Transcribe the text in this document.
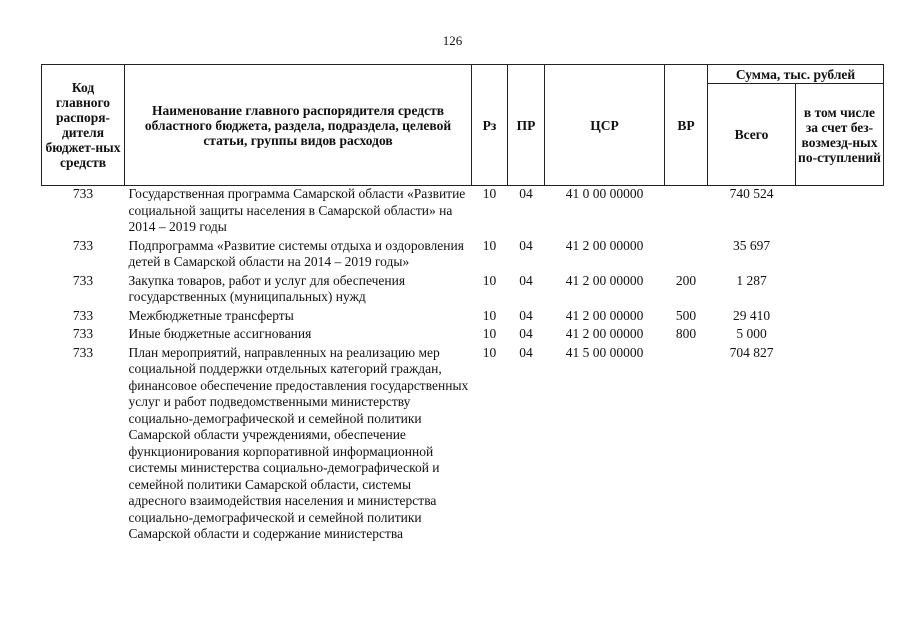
126
Код главного распоря-дителя бюджет-ных средств	Наименование главного распорядителя средств областного бюджета, раздела, подраздела, целевой статьи, группы видов расходов	Рз	ПР	ЦСР	ВР	Сумма, тыс. рублей	
						Всего	в том числе за счет без-возмезд-ных по-ступлений
733	Государственная программа Самарской области «Развитие социальной защиты населения в Самарской области» на 2014 – 2019 годы	10	04	41 0 00 00000		740 524	
733	Подпрограмма «Развитие системы отдыха и оздоровления детей в Самарской области на 2014 – 2019 годы»	10	04	41 2 00 00000		35 697	
733	Закупка товаров, работ и услуг для обеспечения государственных (муниципальных) нужд	10	04	41 2 00 00000	200	1 287	
733	Межбюджетные трансферты	10	04	41 2 00 00000	500	29 410	
733	Иные бюджетные ассигнования	10	04	41 2 00 00000	800	5 000	
733	План мероприятий, направленных на реализацию мер социальной поддержки отдельных категорий граждан, финансовое обеспечение предоставления государственных услуг и работ подведомственными министерству социально-демографической и семейной политики Самарской области учреждениями, обеспечение функционирования корпоративной информационной системы министерства социально-демографической и семейной политики Самарской области, системы адресного взаимодействия населения и министерства социально-демографической и семейной политики Самарской области и содержание министерства	10	04	41 5 00 00000		704 827	
